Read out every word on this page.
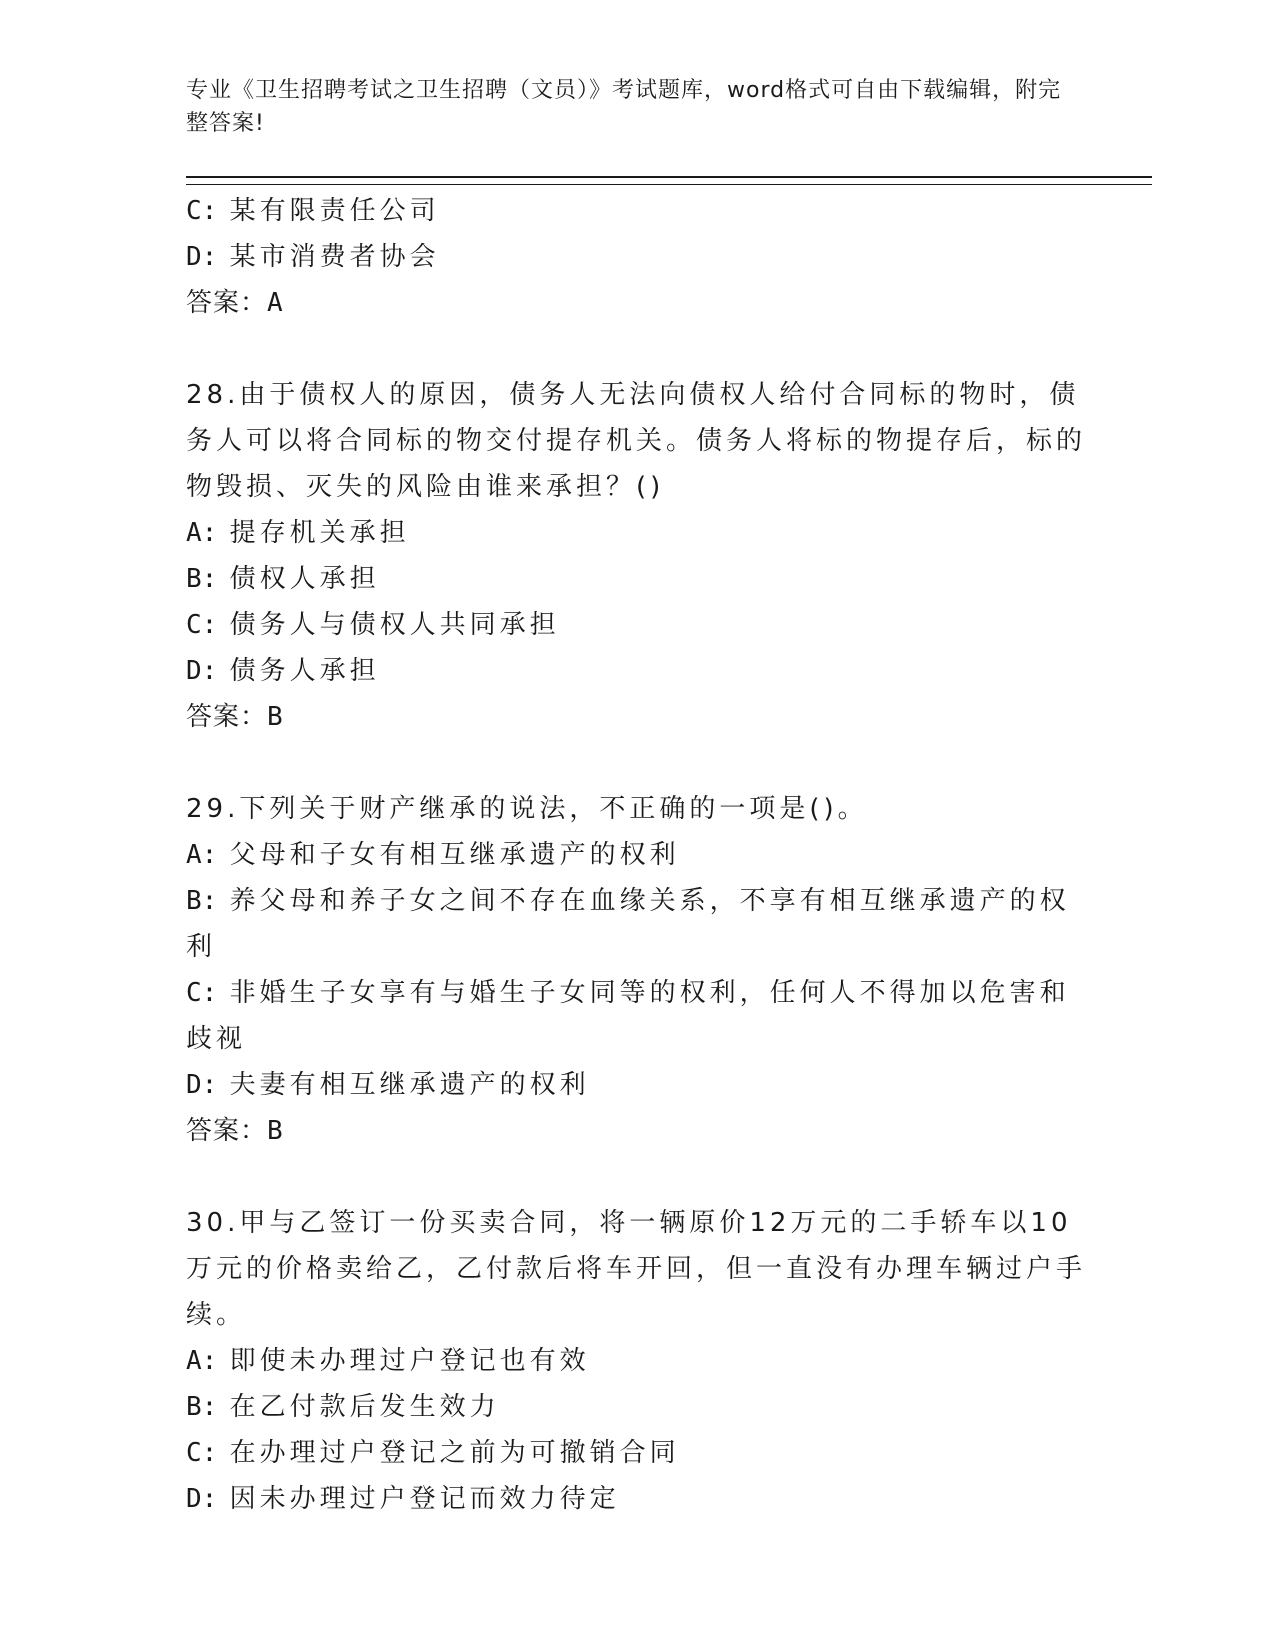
专业《卫生招聘考试之卫生招聘（文员）》考试题库，word格式可自由下载编辑，附完整答案!
C: 某有限责任公司
D: 某市消费者协会
答案：A
28.由于债权人的原因，债务人无法向债权人给付合同标的物时，债务人可以将合同标的物交付提存机关。债务人将标的物提存后，标的物毁损、灭失的风险由谁来承担？()
A: 提存机关承担
B: 债权人承担
C: 债务人与债权人共同承担
D: 债务人承担
答案：B
29.下列关于财产继承的说法，不正确的一项是()。
A: 父母和子女有相互继承遗产的权利
B: 养父母和养子女之间不存在血缘关系，不享有相互继承遗产的权利
C: 非婚生子女享有与婚生子女同等的权利，任何人不得加以危害和歧视
D: 夫妻有相互继承遗产的权利
答案：B
30.甲与乙签订一份买卖合同，将一辆原价12万元的二手轿车以10万元的价格卖给乙，乙付款后将车开回，但一直没有办理车辆过户手续。
A: 即使未办理过户登记也有效
B: 在乙付款后发生效力
C: 在办理过户登记之前为可撤销合同
D: 因未办理过户登记而效力待定
